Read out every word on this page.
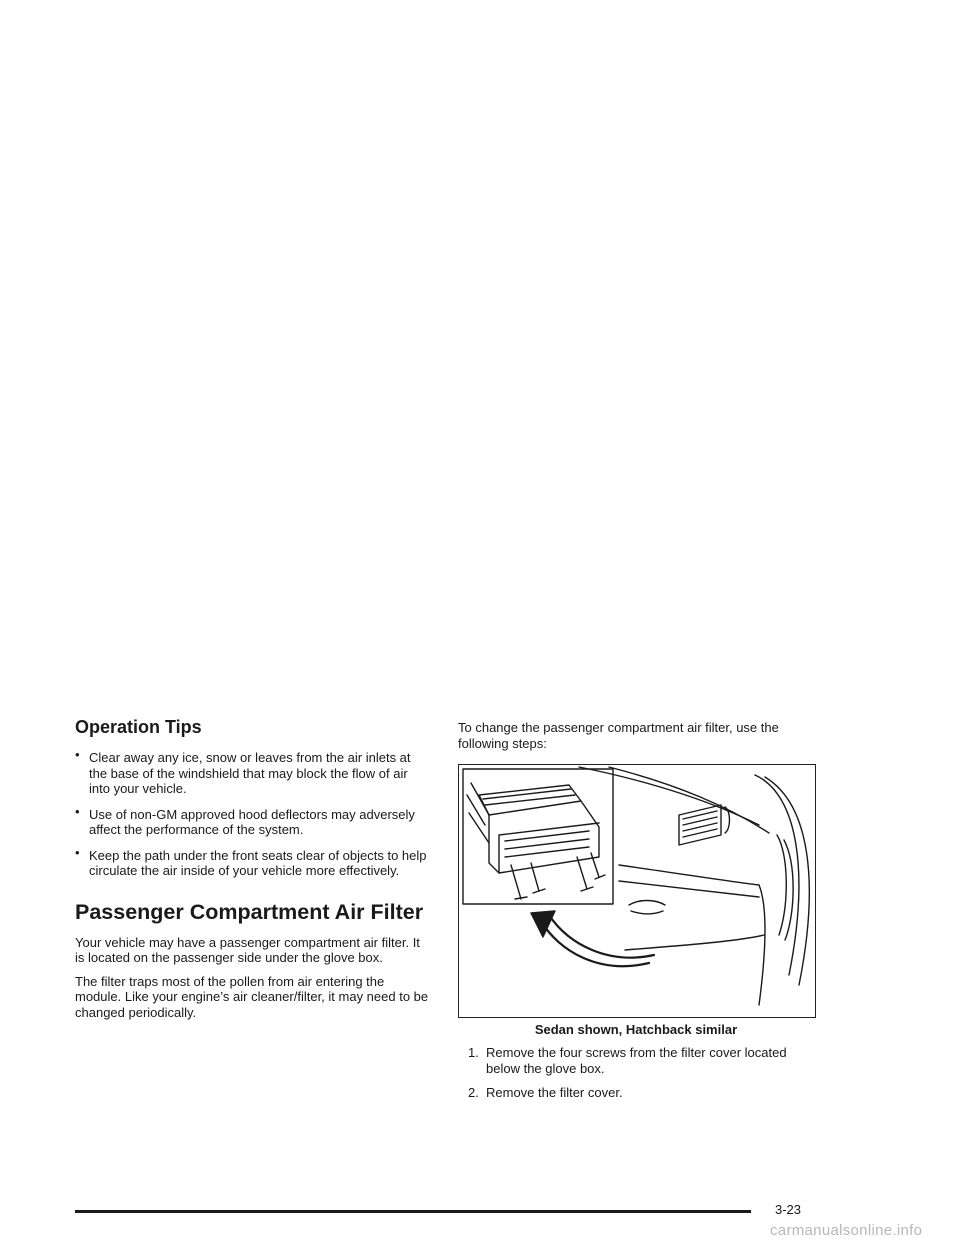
Operation Tips
• Clear away any ice, snow or leaves from the air inlets at the base of the windshield that may block the flow of air into your vehicle.
• Use of non-GM approved hood deflectors may adversely affect the performance of the system.
• Keep the path under the front seats clear of objects to help circulate the air inside of your vehicle more effectively.
Passenger Compartment Air Filter

Your vehicle may have a passenger compartment air filter. It is located on the passenger side under the glove box.

The filter traps most of the pollen from air entering the module. Like your engine’s air cleaner/filter, it may need to be changed periodically.

To change the passenger compartment air filter, use the following steps:

Sedan shown, Hatchback similar
1. Remove the four screws from the filter cover located below the glove box.
2. Remove the filter cover.
3-23
carmanualsonline.info
